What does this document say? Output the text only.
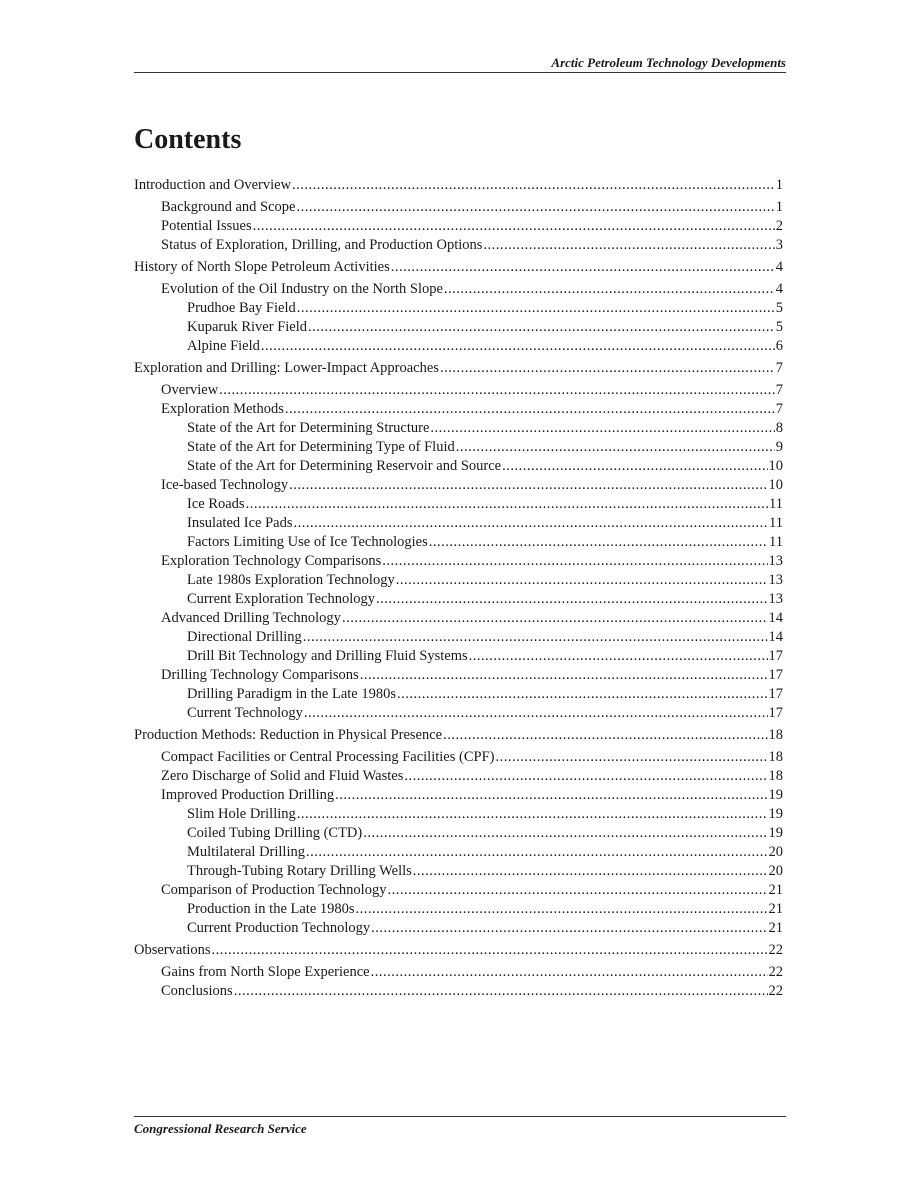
Arctic Petroleum Technology Developments
Contents
Introduction and Overview .....	1
Background and Scope .....	1
Potential Issues .....	2
Status of Exploration, Drilling, and Production Options .....	3
History of North Slope Petroleum Activities .....	4
Evolution of the Oil Industry on the North Slope .....	4
Prudhoe Bay Field .....	5
Kuparuk River Field .....	5
Alpine Field .....	6
Exploration and Drilling: Lower-Impact Approaches .....	7
Overview .....	7
Exploration Methods .....	7
State of the Art for Determining Structure .....	8
State of the Art for Determining Type of Fluid .....	9
State of the Art for Determining Reservoir and Source .....	10
Ice-based Technology .....	10
Ice Roads .....	11
Insulated Ice Pads .....	11
Factors Limiting Use of Ice Technologies .....	11
Exploration Technology Comparisons .....	13
Late 1980s Exploration Technology .....	13
Current Exploration Technology .....	13
Advanced Drilling Technology .....	14
Directional Drilling .....	14
Drill Bit Technology and Drilling Fluid Systems .....	17
Drilling Technology Comparisons .....	17
Drilling Paradigm in the Late 1980s .....	17
Current Technology .....	17
Production Methods: Reduction in Physical Presence .....	18
Compact Facilities or Central Processing Facilities (CPF) .....	18
Zero Discharge of Solid and Fluid Wastes .....	18
Improved Production Drilling .....	19
Slim Hole Drilling .....	19
Coiled Tubing Drilling (CTD) .....	19
Multilateral Drilling .....	20
Through-Tubing Rotary Drilling Wells .....	20
Comparison of Production Technology .....	21
Production in the Late 1980s .....	21
Current Production Technology .....	21
Observations .....	22
Gains from North Slope Experience .....	22
Conclusions .....	22
Congressional Research Service
